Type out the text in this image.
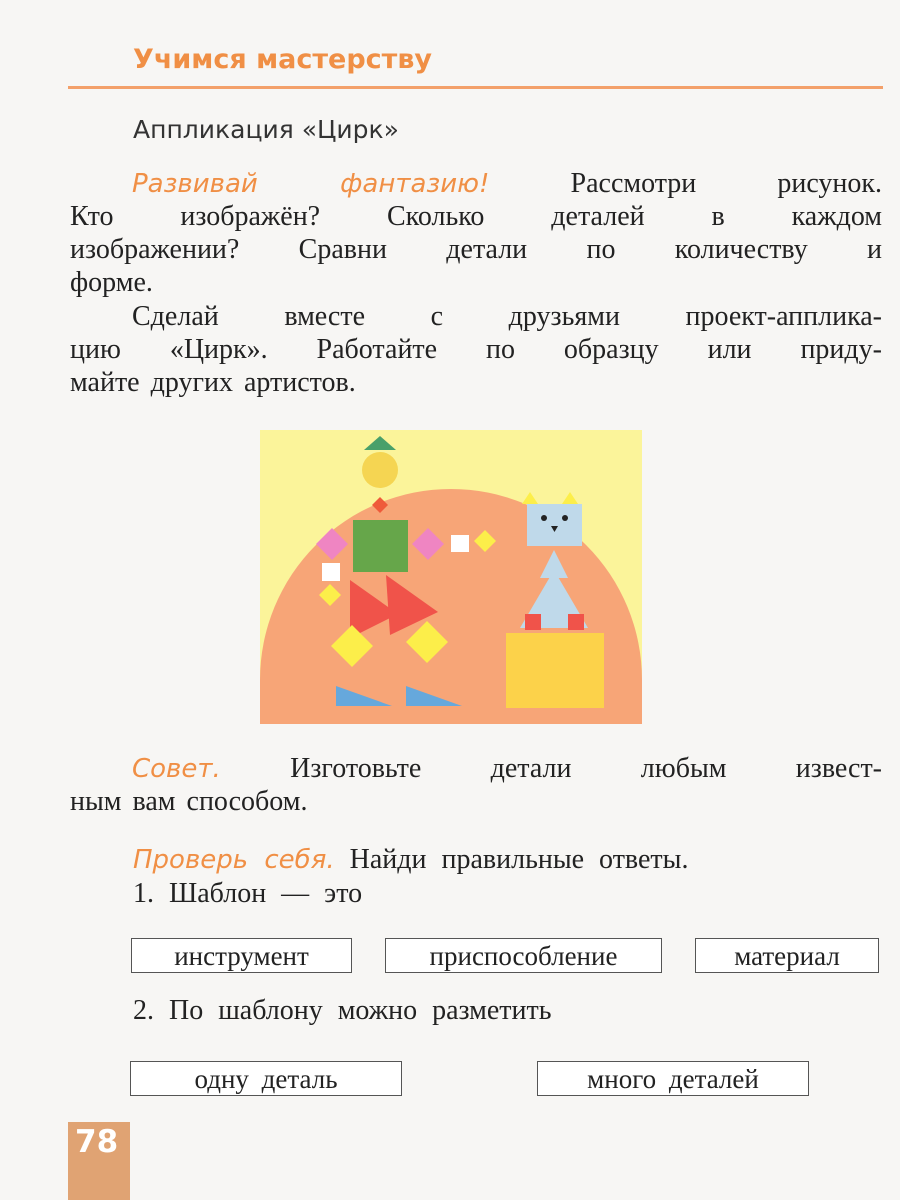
Учимся мастерству
Аппликация «Цирк»
Развивай фантазию!	Рассмотри рисунок.
Кто изображён? Сколько деталей в каждом
изображении? Сравни детали по количеству и
форме.
Сделай вместе с друзьями проект-апплика-
цию «Цирк». Работайте по образцу или приду-
майте других артистов.
Совет. Изготовьте детали любым извест-
ным вам способом.
Проверь себя. Найди правильные ответы.
1. Шаблон — это
инструмент	приспособление	материал
2. По шаблону можно разметить
одну деталь	много деталей
78
